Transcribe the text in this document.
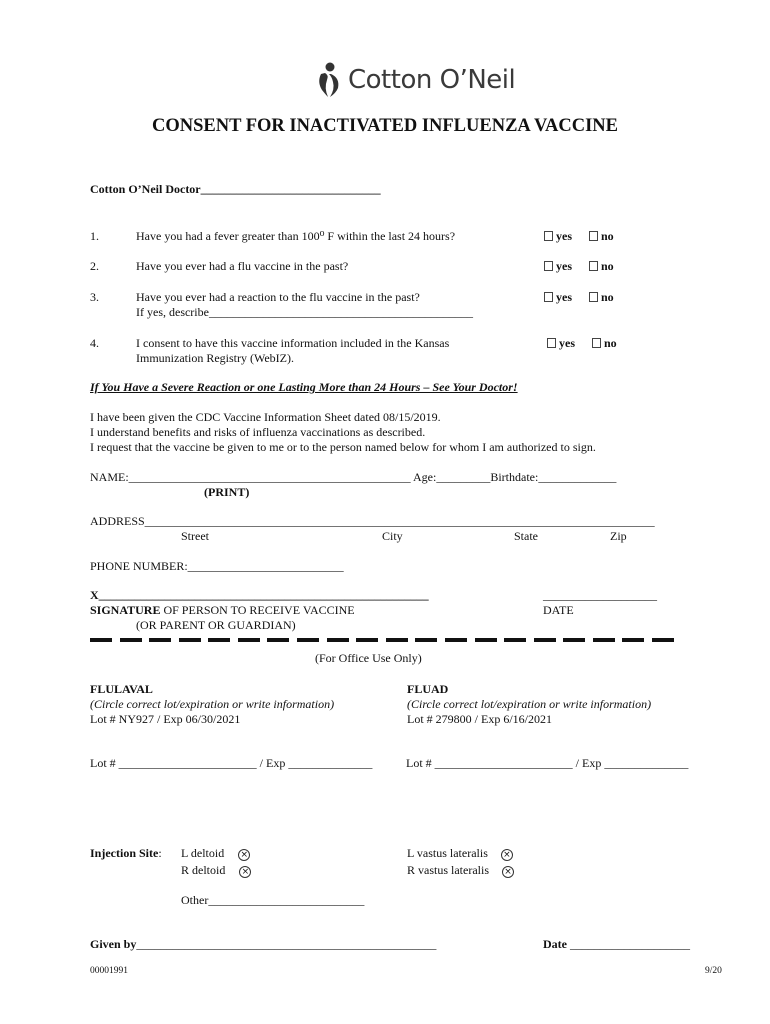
Cotton O’Neil
CONSENT FOR INACTIVATED INFLUENZA VACCINE
Cotton O’Neil Doctor______________________________
1.	Have you had a fever greater than 100⁰ F within the last 24 hours?	yes	no
2.	Have you ever had a flu vaccine in the past?	yes	no
3.	Have you ever had a reaction to the flu vaccine in the past?
If yes, describe____________________________________________
yes	no
4.	I consent to have this vaccine information included in the Kansas
Immunization Registry (WebIZ).
yes	no
If You Have a Severe Reaction or one Lasting More than 24 Hours – See Your Doctor!
I have been given the CDC Vaccine Information Sheet dated 08/15/2019.
I understand benefits and risks of influenza vaccinations as described.
I request that the vaccine be given to me or to the person named below for whom I am authorized to sign.
NAME:_______________________________________________ Age:_________Birthdate:_____________
(PRINT)
ADDRESS_____________________________________________________________________________________
Street	City	State	Zip
PHONE NUMBER:__________________________
X_______________________________________________________	___________________
SIGNATURE OF PERSON TO RECEIVE VACCINE
(OR PARENT OR GUARDIAN)
DATE
(For Office Use Only)
FLULAVAL
(Circle correct lot/expiration or write information)
Lot # NY927 / Exp 06/30/2021
FLUAD
(Circle correct lot/expiration or write information)
Lot # 279800 / Exp 6/16/2021
Lot # _______________________ / Exp ______________	Lot # _______________________ / Exp ______________
Injection Site: L deltoid ×
R deltoid ×
L vastus lateralis ×
R vastus lateralis ×
Other__________________________
Given by__________________________________________________	Date ____________________
00001991	9/20
